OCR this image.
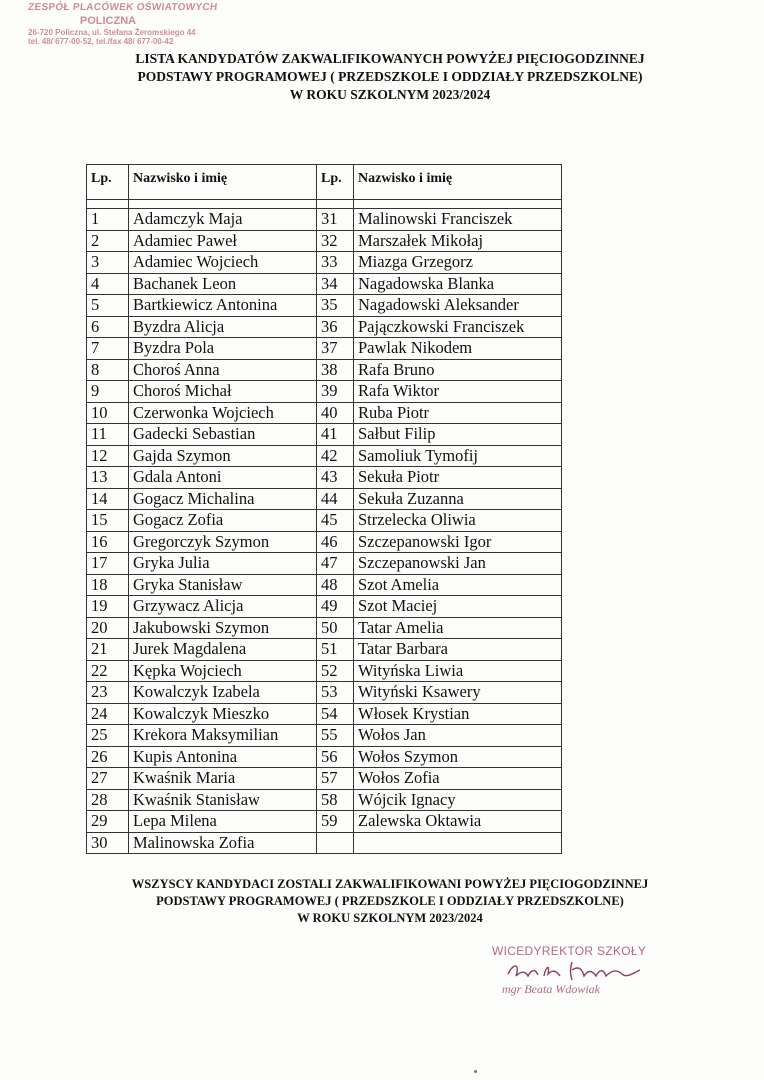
ZESPÓŁ PLACÓWEK OŚWIATOWYCH
POLICZNA
26-720 Policzna, ul. Stefana Żeromskiego 44
tel. 48/ 677-00-52, tel./fax 48/ 677-00-42
LISTA KANDYDATÓW ZAKWALIFIKOWANYCH POWYŻEJ PIĘCIOGODZINNEJ
PODSTAWY PROGRAMOWEJ ( PRZEDSZKOLE I ODDZIAŁY PRZEDSZKOLNE)
W ROKU SZKOLNYM 2023/2024
Lp.	Nazwisko i imię	Lp.	Nazwisko i imię

1	Adamczyk Maja	31	Malinowski Franciszek
2	Adamiec Paweł	32	Marszałek Mikołaj
3	Adamiec Wojciech	33	Miazga Grzegorz
4	Bachanek Leon	34	Nagadowska Blanka
5	Bartkiewicz Antonina	35	Nagadowski Aleksander
6	Byzdra Alicja	36	Pajączkowski Franciszek
7	Byzdra Pola	37	Pawlak Nikodem
8	Choroś Anna	38	Rafa Bruno
9	Choroś Michał	39	Rafa Wiktor
10	Czerwonka Wojciech	40	Ruba Piotr
11	Gadecki Sebastian	41	Sałbut Filip
12	Gajda Szymon	42	Samoliuk Tymofij
13	Gdala Antoni	43	Sekuła Piotr
14	Gogacz Michalina	44	Sekuła Zuzanna
15	Gogacz Zofia	45	Strzelecka Oliwia
16	Gregorczyk Szymon	46	Szczepanowski Igor
17	Gryka Julia	47	Szczepanowski Jan
18	Gryka Stanisław	48	Szot Amelia
19	Grzywacz Alicja	49	Szot Maciej
20	Jakubowski Szymon	50	Tatar Amelia
21	Jurek Magdalena	51	Tatar Barbara
22	Kępka Wojciech	52	Wityńska Liwia
23	Kowalczyk Izabela	53	Wityński Ksawery
24	Kowalczyk Mieszko	54	Włosek Krystian
25	Krekora Maksymilian	55	Wołos Jan
26	Kupis Antonina	56	Wołos Szymon
27	Kwaśnik Maria	57	Wołos Zofia
28	Kwaśnik Stanisław	58	Wójcik Ignacy
29	Lepa Milena	59	Zalewska Oktawia
30	Malinowska Zofia		
WSZYSCY KANDYDACI ZOSTALI ZAKWALIFIKOWANI POWYŻEJ PIĘCIOGODZINNEJ
PODSTAWY PROGRAMOWEJ ( PRZEDSZKOLE I ODDZIAŁY PRZEDSZKOLNE)
W ROKU SZKOLNYM 2023/2024
WICEDYREKTOR SZKOŁY
mgr Beata Wdowiak
